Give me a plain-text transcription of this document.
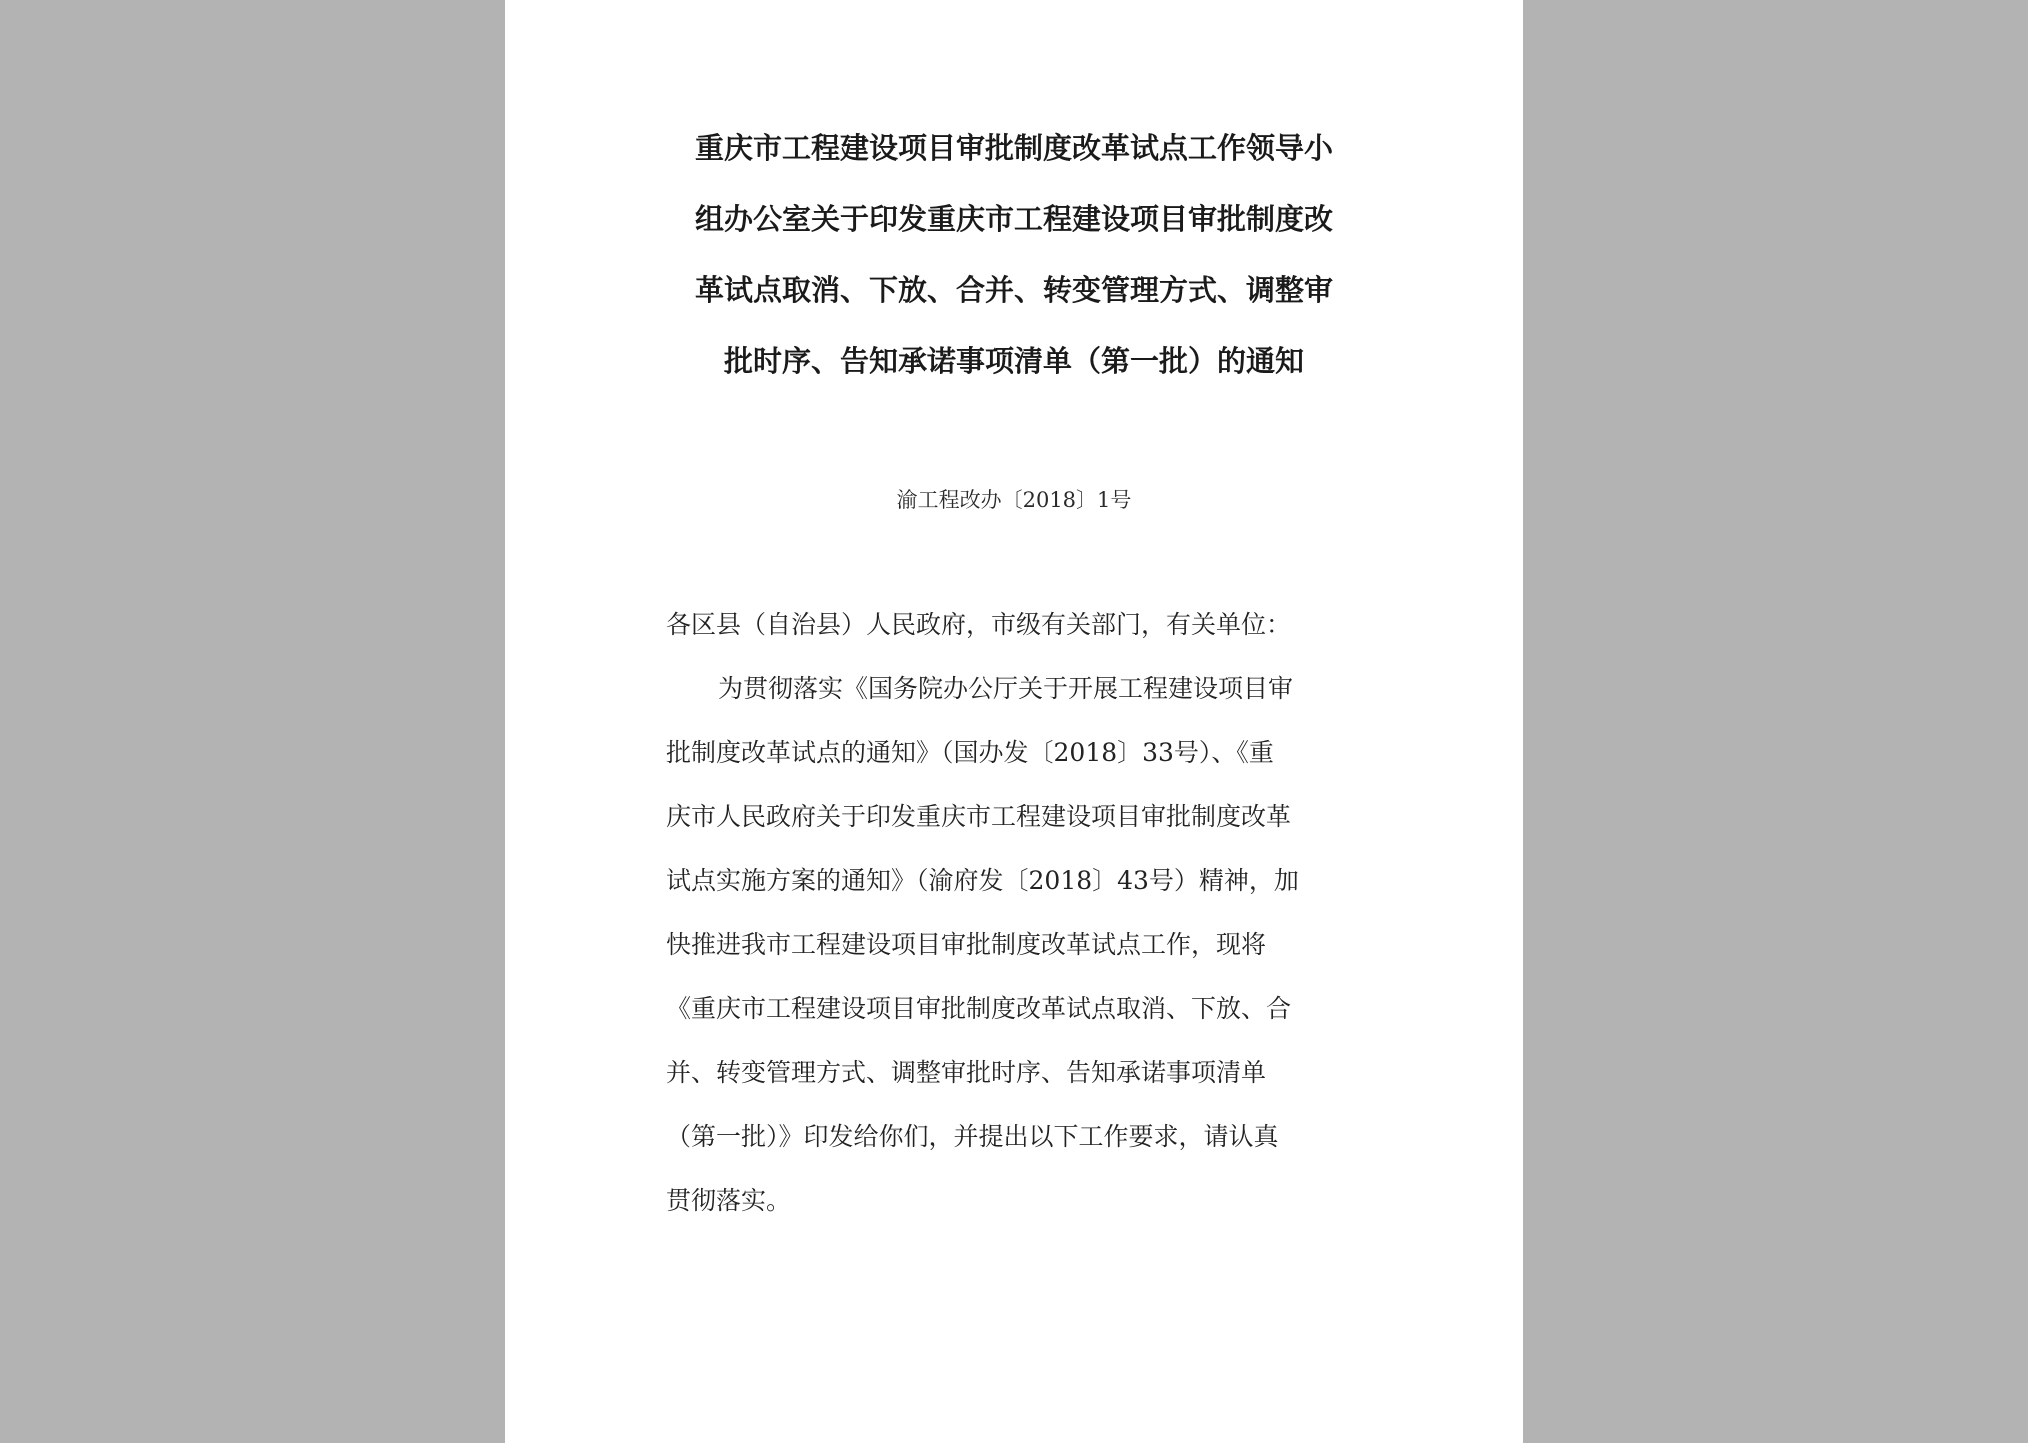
重庆市工程建设项目审批制度改革试点工作领导小
组办公室关于印发重庆市工程建设项目审批制度改
革试点取消、下放、合并、转变管理方式、调整审
批时序、告知承诺事项清单（第一批）的通知
渝工程改办〔2018〕1号
各区县（自治县）人民政府，市级有关部门，有关单位：
为贯彻落实《国务院办公厅关于开展工程建设项目审
批制度改革试点的通知》（国办发〔2018〕33号）、《重
庆市人民政府关于印发重庆市工程建设项目审批制度改革
试点实施方案的通知》（渝府发〔2018〕43号）精神，加
快推进我市工程建设项目审批制度改革试点工作，现将
《重庆市工程建设项目审批制度改革试点取消、下放、合
并、转变管理方式、调整审批时序、告知承诺事项清单
（第一批）》印发给你们，并提出以下工作要求，请认真
贯彻落实。
